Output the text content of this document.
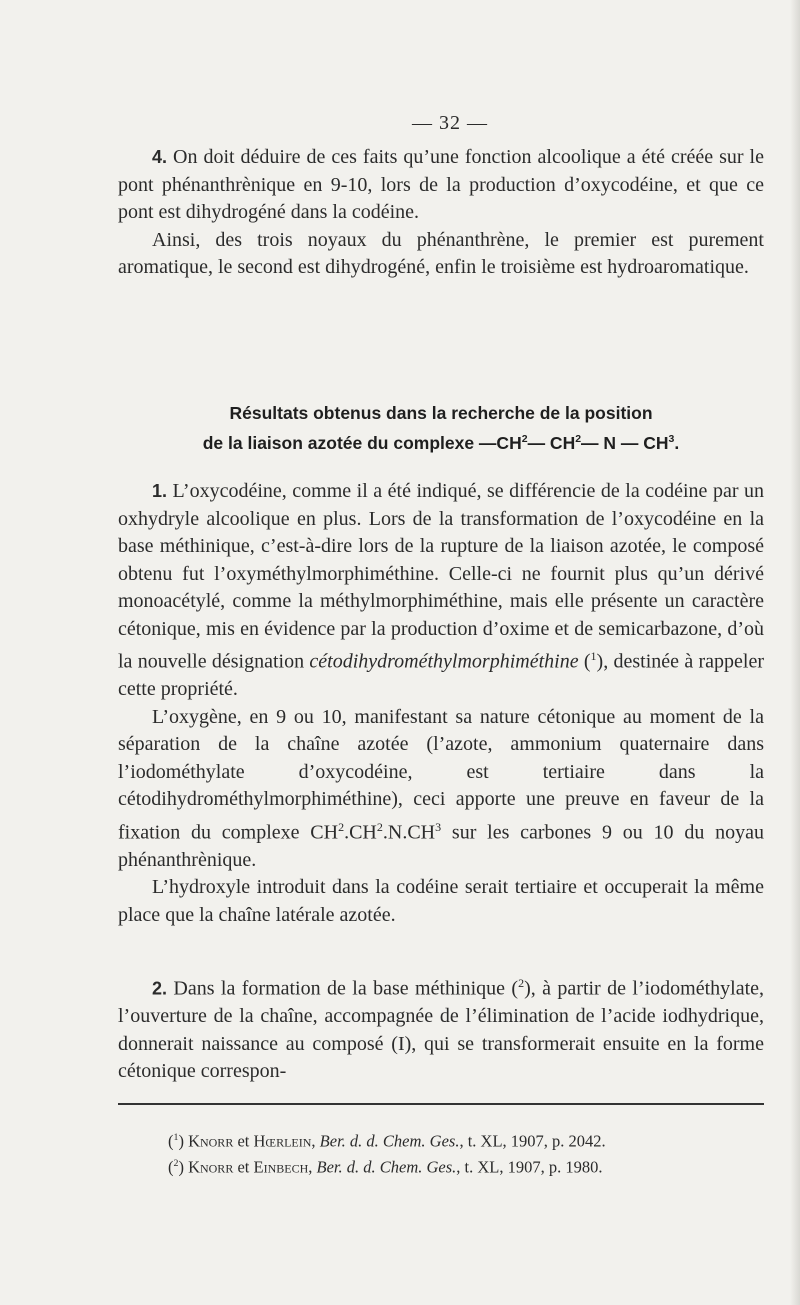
— 32 —

4. On doit déduire de ces faits qu’une fonction alcoolique a été créée sur le pont phénanthrènique en 9-10, lors de la production d’oxycodéine, et que ce pont est dihydrogéné dans la codéine.

Ainsi, des trois noyaux du phénanthrène, le premier est purement aromatique, le second est dihydrogéné, enfin le troisième est hydroaromatique.

Résultats obtenus dans la recherche de la position
de la liaison azotée du complexe $—CH^2—$ $CH^2—$ N — $CH^3$.

1. L’oxycodéine, comme il a été indiqué, se différencie de la codéine par un oxhydryle alcoolique en plus. Lors de la transformation de l’oxycodéine en la base méthinique, c’est-à-dire lors de la rupture de la liaison azotée, le composé obtenu fut l’oxyméthylmorphiméthine. Celle-ci ne fournit plus qu’un dérivé monoacétylé, comme la méthylmorphiméthine, mais elle présente un caractère cétonique, mis en évidence par la production d’oxime et de semicarbazone, d’où la nouvelle désignation cétodihydrométhylmorphiméthine ($^1$), destinée à rappeler cette propriété.

L’oxygène, en 9 ou 10, manifestant sa nature cétonique au moment de la séparation de la chaîne azotée (l’azote, ammonium quaternaire dans l’iodométhylate d’oxycodéine, est tertiaire dans la cétodihydrométhylmorphiméthine), ceci apporte une preuve en faveur de la fixation du complexe $CH^2.CH^2.N.CH^3$ sur les carbones 9 ou 10 du noyau phénanthrènique.

L’hydroxyle introduit dans la codéine serait tertiaire et occuperait la même place que la chaîne latérale azotée.

2. Dans la formation de la base méthinique ($^2$), à partir de l’iodométhylate, l’ouverture de la chaîne, accompagnée de l’élimination de l’acide iodhydrique, donnerait naissance au composé (I), qui se transformerait ensuite en la forme cétonique correspon-

($^1$) Knorr et Hœrlein, Ber. d. d. Chem. Ges., t. XL, 1907, p. 2042.
($^2$) Knorr et Einbech, Ber. d. d. Chem. Ges., t. XL, 1907, p. 1980.
